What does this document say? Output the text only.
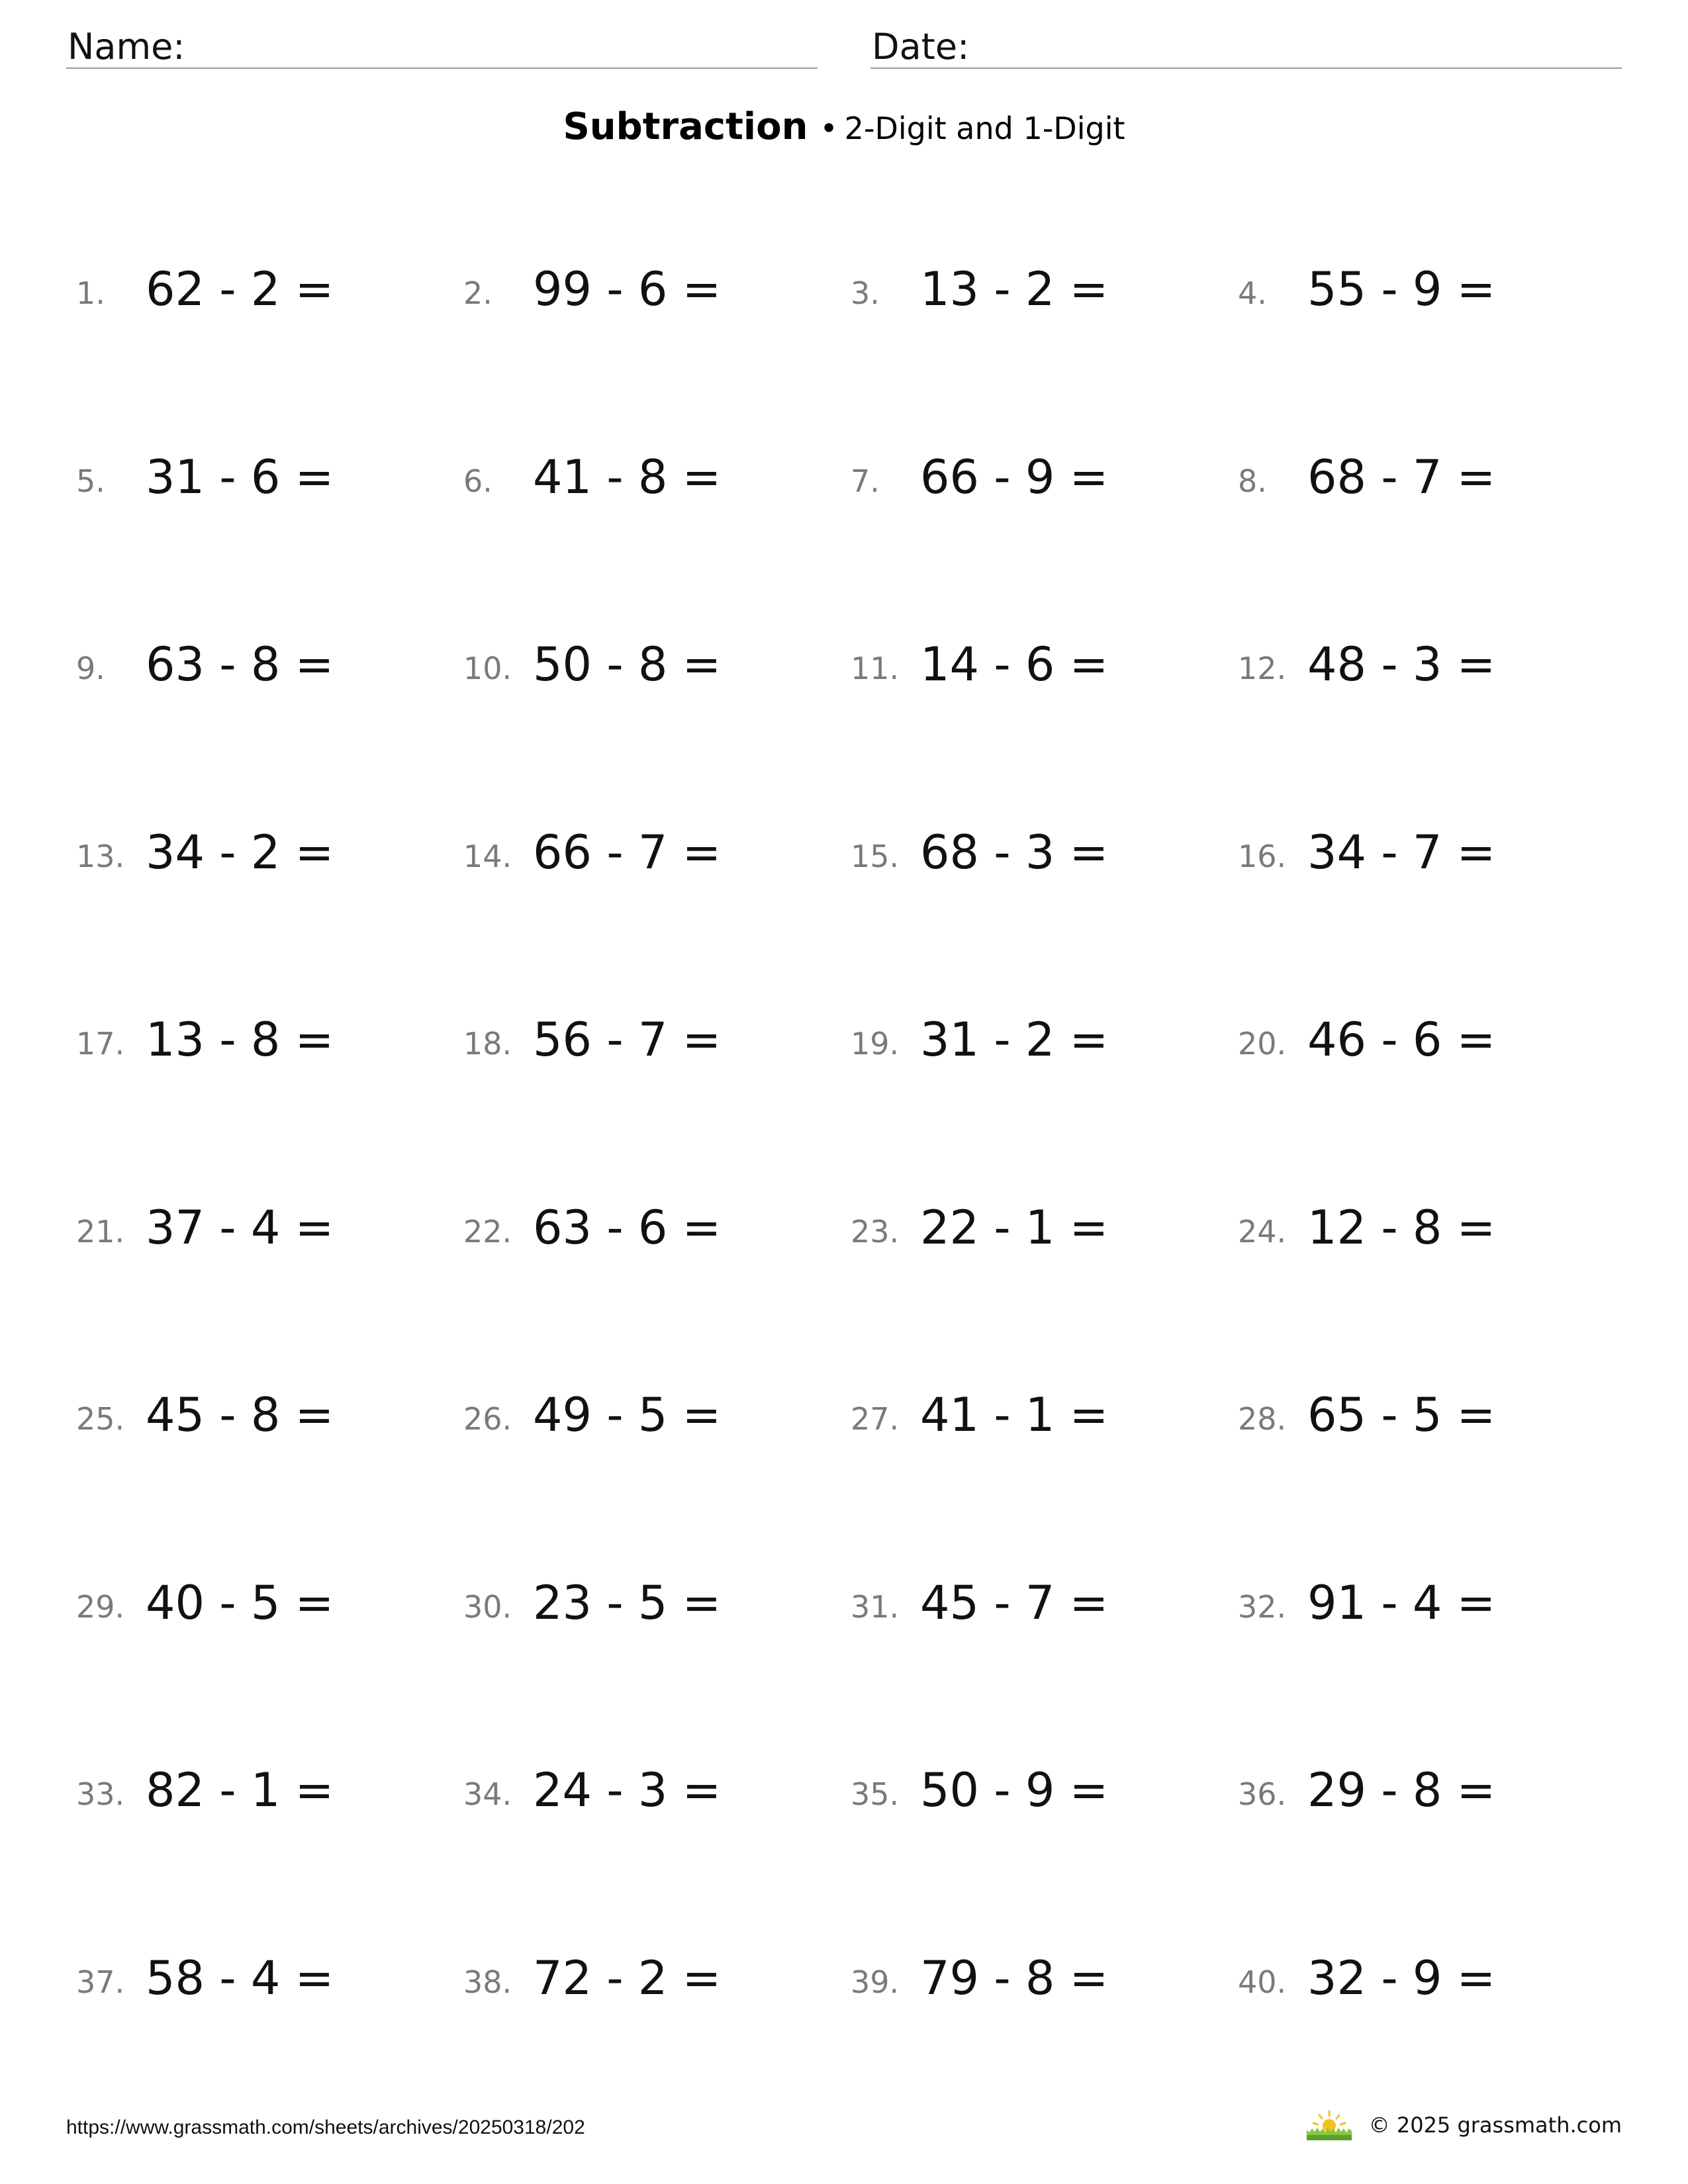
Name:	Date:
Subtraction • 2-Digit and 1-Digit
1. 62 - 2 =	2. 99 - 6 =	3. 13 - 2 =	4. 55 - 9 =
5. 31 - 6 =	6. 41 - 8 =	7. 66 - 9 =	8. 68 - 7 =
9. 63 - 8 =	10. 50 - 8 =	11. 14 - 6 =	12. 48 - 3 =
13. 34 - 2 =	14. 66 - 7 =	15. 68 - 3 =	16. 34 - 7 =
17. 13 - 8 =	18. 56 - 7 =	19. 31 - 2 =	20. 46 - 6 =
21. 37 - 4 =	22. 63 - 6 =	23. 22 - 1 =	24. 12 - 8 =
25. 45 - 8 =	26. 49 - 5 =	27. 41 - 1 =	28. 65 - 5 =
29. 40 - 5 =	30. 23 - 5 =	31. 45 - 7 =	32. 91 - 4 =
33. 82 - 1 =	34. 24 - 3 =	35. 50 - 9 =	36. 29 - 8 =
37. 58 - 4 =	38. 72 - 2 =	39. 79 - 8 =	40. 32 - 9 =
https://www.grassmath.com/sheets/archives/20250318/202	© 2025 grassmath.com
